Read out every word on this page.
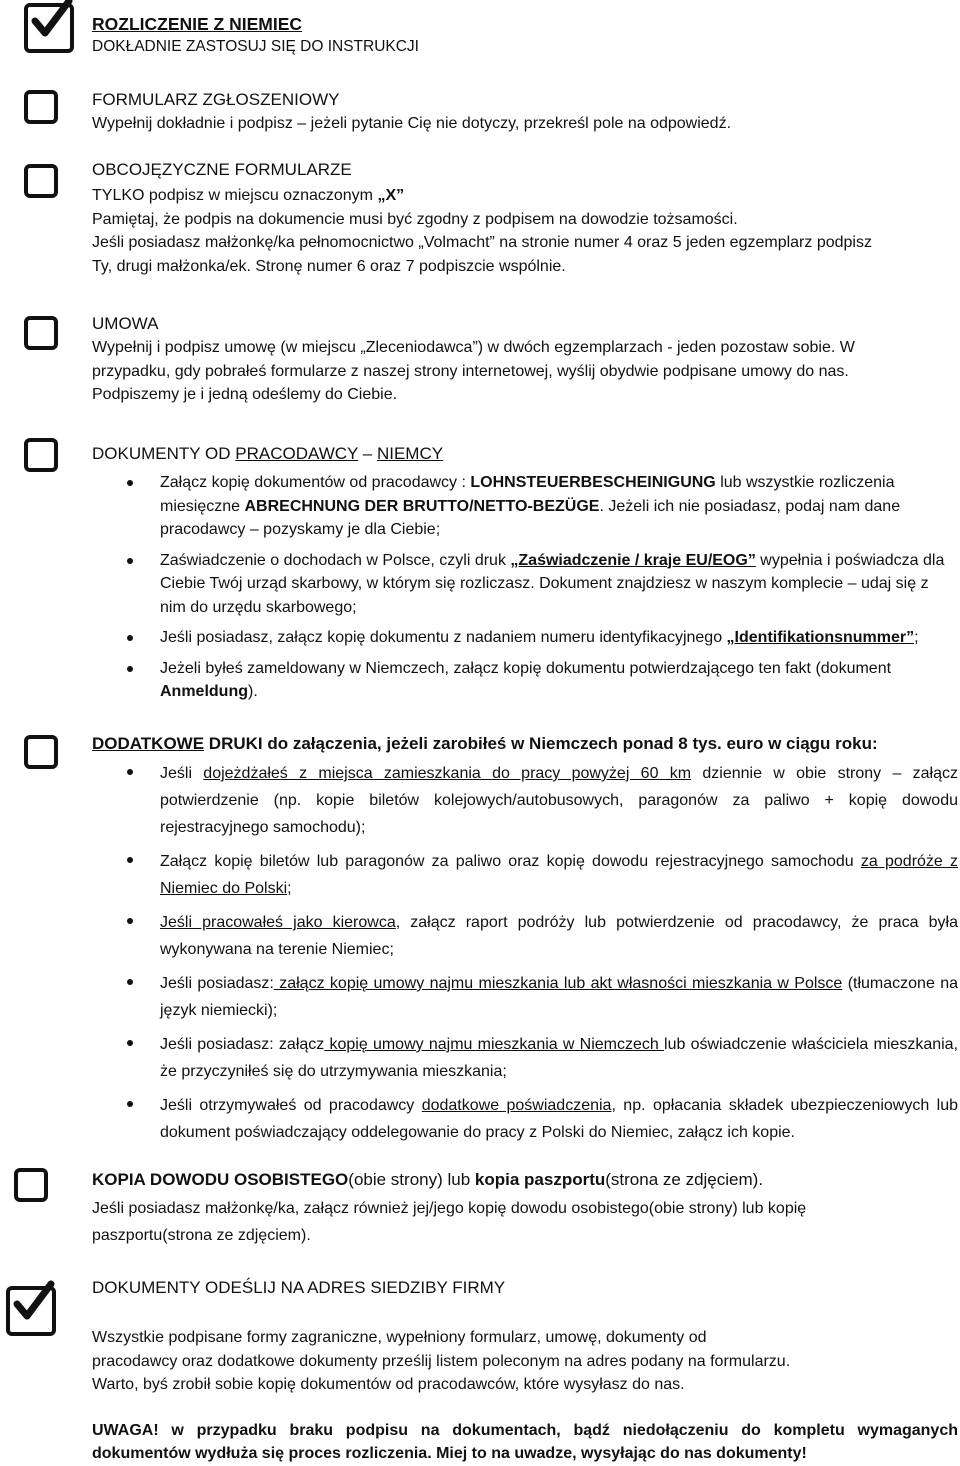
ROZLICZENIE Z NIEMIEC
DOKŁADNIE ZASTOSUJ SIĘ DO INSTRUKCJI
FORMULARZ ZGŁOSZENIOWY
Wypełnij dokładnie i podpisz – jeżeli pytanie Cię nie dotyczy, przekreśl pole na odpowiedź.
OBCOJĘZYCZNE FORMULARZE
TYLKO podpisz w miejscu oznaczonym „X”
Pamiętaj, że podpis na dokumencie musi być zgodny z podpisem na dowodzie tożsamości.
Jeśli posiadasz małżonkę/ka pełnomocnictwo „Volmacht” na stronie numer 4 oraz 5 jeden egzemplarz podpisz
Ty, drugi małżonka/ek. Stronę numer 6 oraz 7 podpiszcie wspólnie.
UMOWA
Wypełnij i podpisz umowę (w miejscu „Zleceniodawca”) w dwóch egzemplarzach - jeden pozostaw sobie. W
przypadku, gdy pobrałeś formularze z naszej strony internetowej, wyślij obydwie podpisane umowy do nas.
Podpiszemy je i jedną odeślemy do Ciebie.
DOKUMENTY OD PRACODAWCY – NIEMCY
Załącz kopię dokumentów od pracodawcy : LOHNSTEUERBESCHEINIGUNG lub wszystkie rozliczenia miesięczne ABRECHNUNG DER BRUTTO/NETTO-BEZÜGE. Jeżeli ich nie posiadasz, podaj nam dane pracodawcy – pozyskamy je dla Ciebie;
Zaświadczenie o dochodach w Polsce, czyli druk „Zaświadczenie / kraje EU/EOG” wypełnia i poświadcza dla Ciebie Twój urząd skarbowy, w którym się rozliczasz. Dokument znajdziesz w naszym komplecie – udaj się z nim do urzędu skarbowego;
Jeśli posiadasz, załącz kopię dokumentu z nadaniem numeru identyfikacyjnego „Identifikationsnummer”;
Jeżeli byłeś zameldowany w Niemczech, załącz kopię dokumentu potwierdzającego ten fakt (dokument Anmeldung).
DODATKOWE DRUKI do załączenia, jeżeli zarobiłeś w Niemczech ponad 8 tys. euro w ciągu roku:
Jeśli dojeżdżałeś z miejsca zamieszkania do pracy powyżej 60 km dziennie w obie strony – załącz potwierdzenie (np. kopie biletów kolejowych/autobusowych, paragonów za paliwo + kopię dowodu rejestracyjnego samochodu);
Załącz kopię biletów lub paragonów za paliwo oraz kopię dowodu rejestracyjnego samochodu za podróże z Niemiec do Polski;
Jeśli pracowałeś jako kierowca, załącz raport podróży lub potwierdzenie od pracodawcy, że praca była wykonywana na terenie Niemiec;
Jeśli posiadasz: załącz kopię umowy najmu mieszkania lub akt własności mieszkania w Polsce (tłumaczone na język niemiecki);
Jeśli posiadasz: załącz kopię umowy najmu mieszkania w Niemczech lub oświadczenie właściciela mieszkania, że przyczyniłeś się do utrzymywania mieszkania;
Jeśli otrzymywałeś od pracodawcy dodatkowe poświadczenia, np. opłacania składek ubezpieczeniowych lub dokument poświadczający oddelegowanie do pracy z Polski do Niemiec, załącz ich kopie.
KOPIA DOWODU OSOBISTEGO(obie strony) lub kopia paszportu(strona ze zdjęciem).
Jeśli posiadasz małżonkę/ka, załącz również jej/jego kopię dowodu osobistego(obie strony) lub kopię
paszportu(strona ze zdjęciem).
DOKUMENTY ODEŚLIJ NA ADRES SIEDZIBY FIRMY
Wszystkie podpisane formy zagraniczne, wypełniony formularz, umowę, dokumenty od
pracodawcy oraz dodatkowe dokumenty prześlij listem poleconym na adres podany na formularzu.
Warto, byś zrobił sobie kopię dokumentów od pracodawców, które wysyłasz do nas.
UWAGA! w przypadku braku podpisu na dokumentach, bądź niedołączeniu do kompletu wymaganych
dokumentów wydłuża się proces rozliczenia. Miej to na uwadze, wysyłając do nas dokumenty!
